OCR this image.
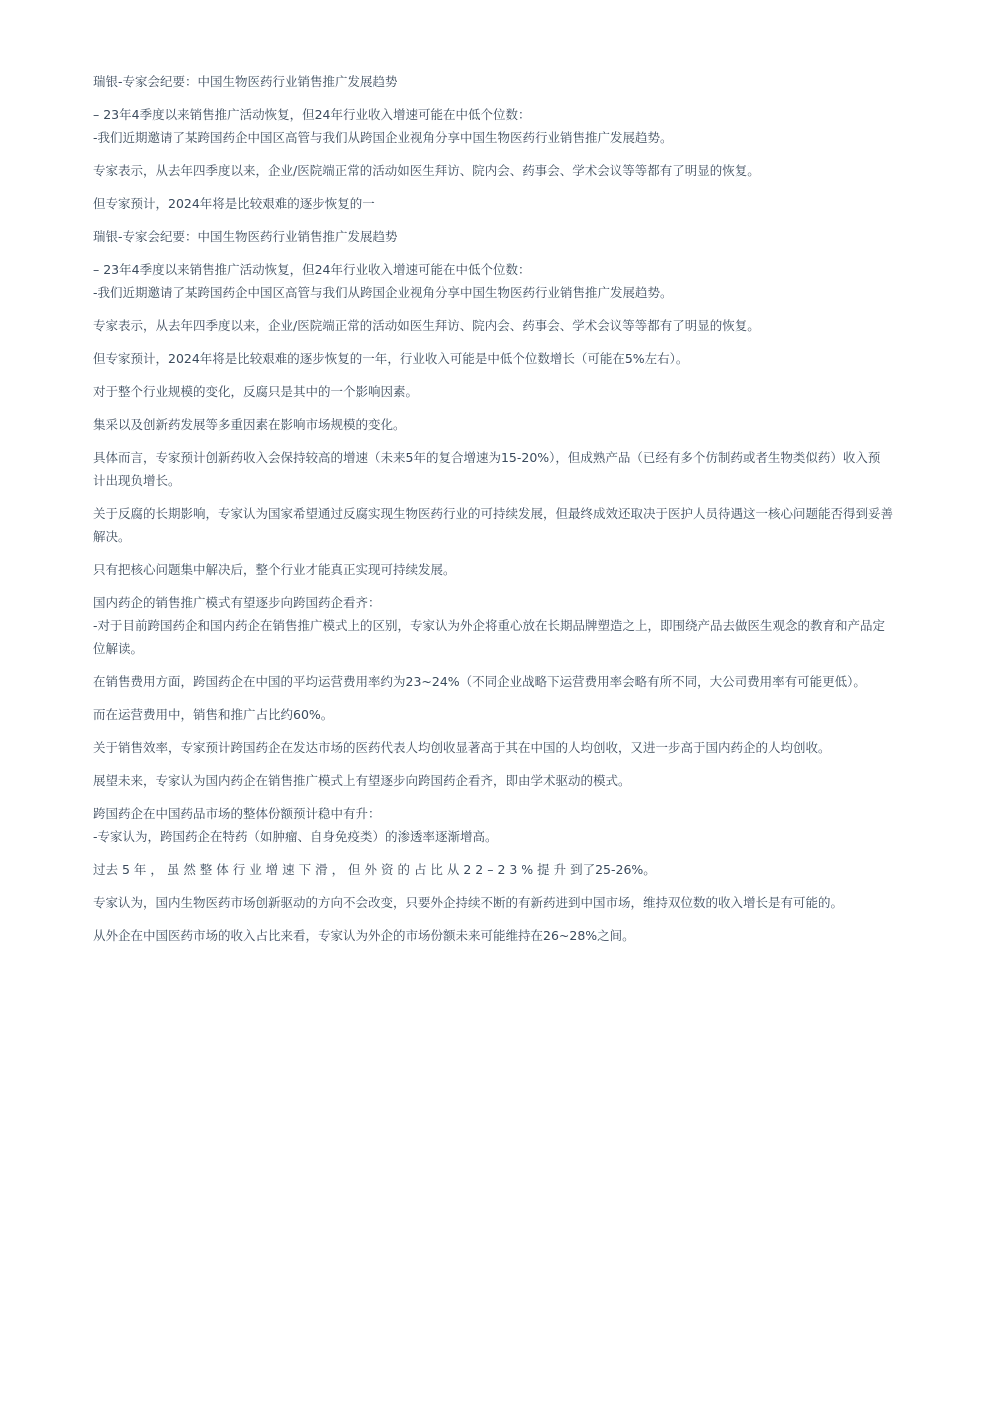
瑞银-专家会纪要：中国生物医药行业销售推广发展趋势
– 23年4季度以来销售推广活动恢复，但24年行业收入增速可能在中低个位数：
-我们近期邀请了某跨国药企中国区高管与我们从跨国企业视角分享中国生物医药行业销售推广发展趋势。
专家表示，从去年四季度以来，企业/医院端正常的活动如医生拜访、院内会、药事会、学术会议等等都有了明显的恢复。
但专家预计，2024年将是比较艰难的逐步恢复的一
瑞银-专家会纪要：中国生物医药行业销售推广发展趋势
– 23年4季度以来销售推广活动恢复，但24年行业收入增速可能在中低个位数：
-我们近期邀请了某跨国药企中国区高管与我们从跨国企业视角分享中国生物医药行业销售推广发展趋势。
专家表示，从去年四季度以来，企业/医院端正常的活动如医生拜访、院内会、药事会、学术会议等等都有了明显的恢复。
但专家预计，2024年将是比较艰难的逐步恢复的一年，行业收入可能是中低个位数增长（可能在5%左右）。
对于整个行业规模的变化，反腐只是其中的一个影响因素。
集采以及创新药发展等多重因素在影响市场规模的变化。
具体而言，专家预计创新药收入会保持较高的增速（未来5年的复合增速为15-20%），但成熟产品（已经有多个仿制药或者生物类似药）收入预
计出现负增长。
关于反腐的长期影响，专家认为国家希望通过反腐实现生物医药行业的可持续发展，但最终成效还取决于医护人员待遇这一核心问题能否得到妥善
解决。
只有把核心问题集中解决后，整个行业才能真正实现可持续发展。
国内药企的销售推广模式有望逐步向跨国药企看齐：
-对于目前跨国药企和国内药企在销售推广模式上的区别，专家认为外企将重心放在长期品牌塑造之上，即围绕产品去做医生观念的教育和产品定
位解读。
在销售费用方面，跨国药企在中国的平均运营费用率约为23~24%（不同企业战略下运营费用率会略有所不同，大公司费用率有可能更低）。
而在运营费用中，销售和推广占比约60%。
关于销售效率，专家预计跨国药企在发达市场的医药代表人均创收显著高于其在中国的人均创收，又进一步高于国内药企的人均创收。
展望未来，专家认为国内药企在销售推广模式上有望逐步向跨国药企看齐，即由学术驱动的模式。
跨国药企在中国药品市场的整体份额预计稳中有升：
-专家认为，跨国药企在特药（如肿瘤、自身免疫类）的渗透率逐渐增高。
过去 5 年 ， 虽 然 整 体 行 业 增 速 下 滑 ， 但 外 资 的 占 比 从 2 2 – 2 3 % 提 升 到了25-26%。
专家认为，国内生物医药市场创新驱动的方向不会改变，只要外企持续不断的有新药进到中国市场，维持双位数的收入增长是有可能的。
从外企在中国医药市场的收入占比来看，专家认为外企的市场份额未来可能维持在26~28%之间。
